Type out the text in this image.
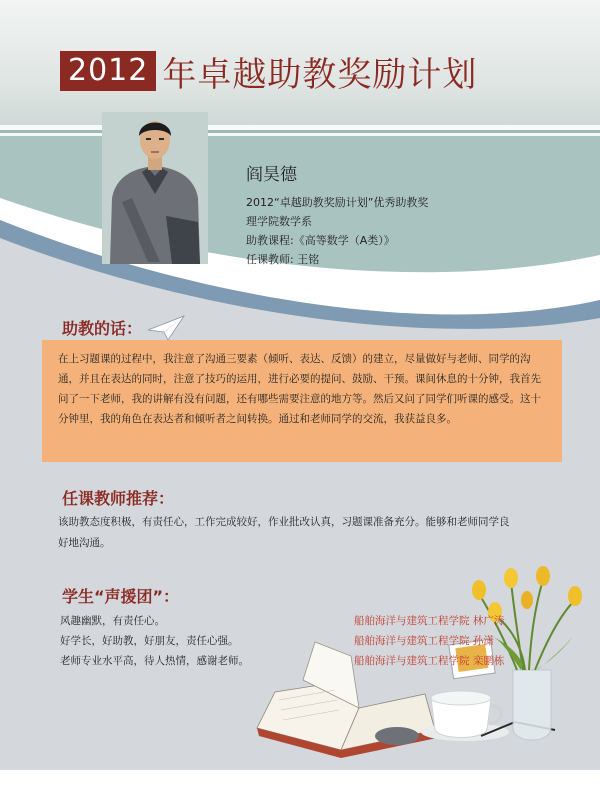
2012 年卓越助教奖励计划
阎昊德
2012“卓越助教奖励计划”优秀助教奖
理学院数学系
助教课程:《高等数学（A类）》
任课教师: 王铭
助教的话：

在上习题课的过程中，我注意了沟通三要素（倾听、表达、反馈）的建立，尽量做好与老师、同学的沟通，并且在表达的同时，注意了技巧的运用，进行必要的提问、鼓励、干预。课间休息的十分钟，我首先问了一下老师，我的讲解有没有问题，还有哪些需要注意的地方等。然后又问了同学们听课的感受。这十分钟里，我的角色在表达者和倾听者之间转换。通过和老师同学的交流，我获益良多。

任课教师推荐：

该助教态度积极，有责任心，工作完成较好，作业批改认真，习题课准备充分。能够和老师同学良好地沟通。

学生“声援团”：
风趣幽默，有责任心。	船舶海洋与建筑工程学院 林广涛
好学长，好助教，好朋友，责任心强。	船舶海洋与建筑工程学院 孙潇
老师专业水平高，待人热情，感谢老师。	船舶海洋与建筑工程学院 栾鹏栋
